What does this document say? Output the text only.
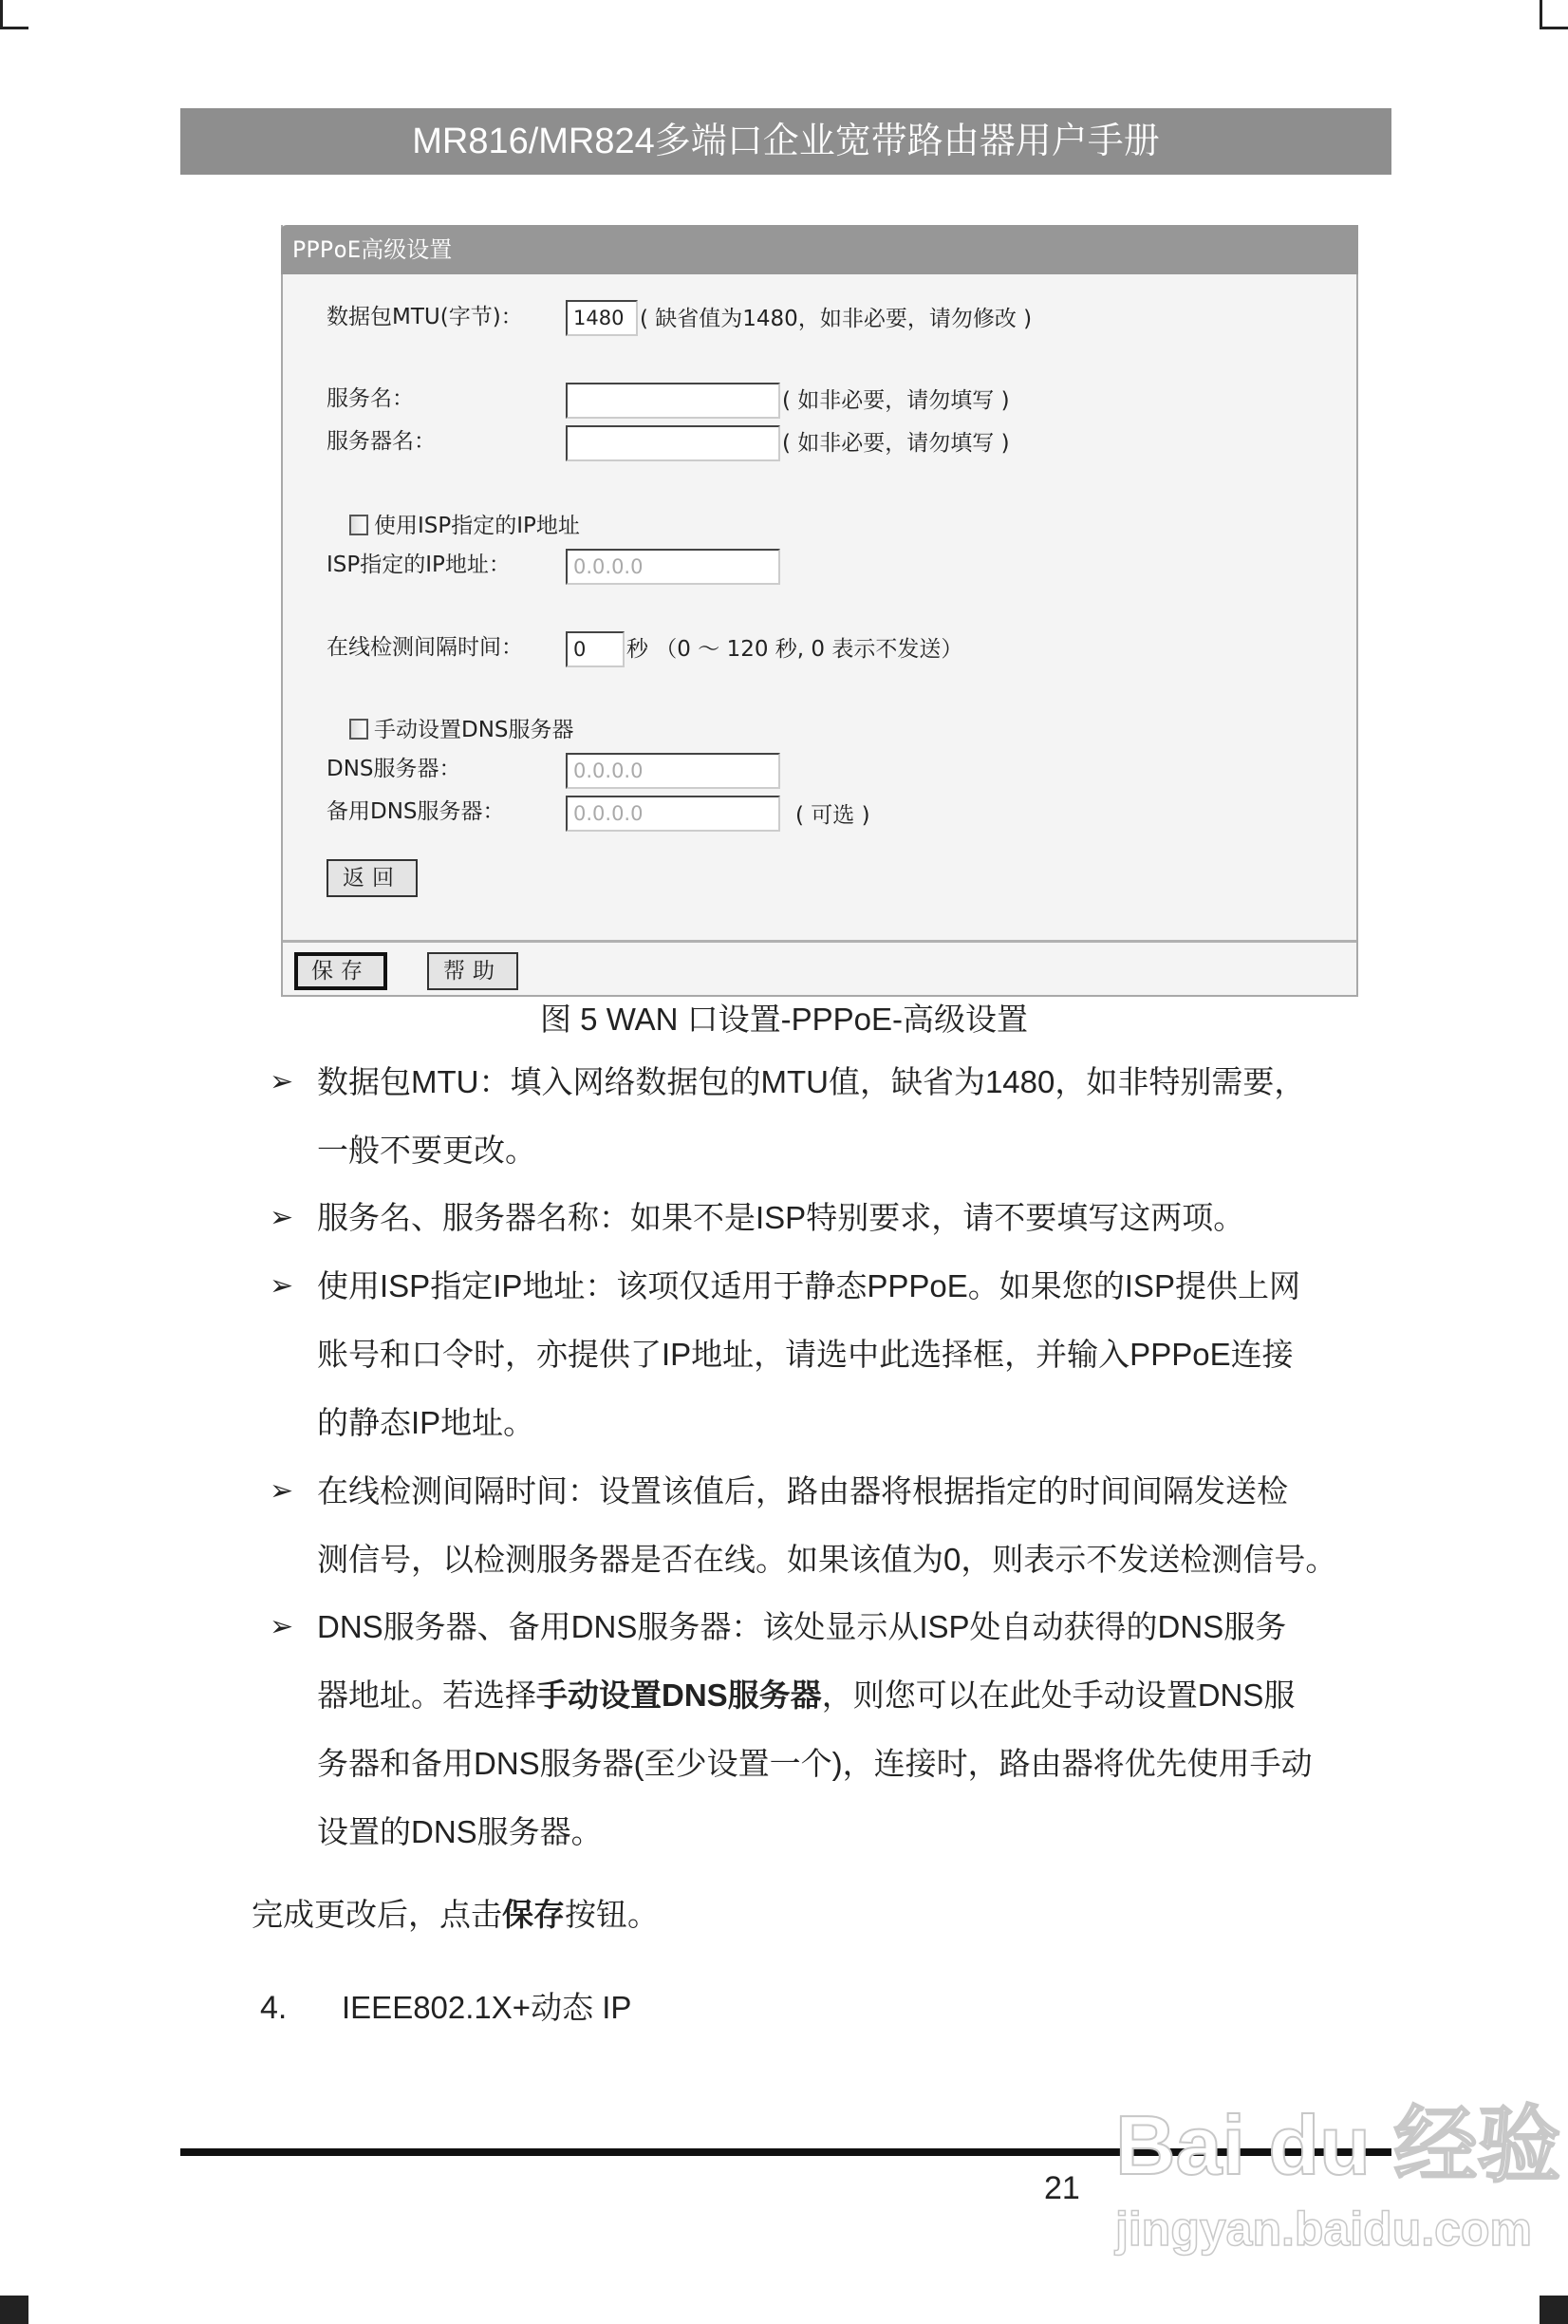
MR816/MR824多端口企业宽带路由器用户手册
PPPoE高级设置
数据包MTU(字节)：	1480 ( 缺省值为1480，如非必要，请勿修改 )
服务名：	( 如非必要，请勿填写 )
服务器名：	( 如非必要，请勿填写 )
使用ISP指定的IP地址
ISP指定的IP地址：	0.0.0.0
在线检测间隔时间：	0	秒 （0 ～ 120 秒, 0 表示不发送）
手动设置DNS服务器
DNS服务器：	0.0.0.0
备用DNS服务器：	0.0.0.0	( 可选 )
返回
保存	帮助
图 5 WAN 口设置-PPPoE-高级设置
➢ 数据包MTU：填入网络数据包的MTU值，缺省为1480，如非特别需要，
一般不要更改。
➢ 服务名、服务器名称：如果不是ISP特别要求，请不要填写这两项。
➢ 使用ISP指定IP地址：该项仅适用于静态PPPoE。如果您的ISP提供上网
账号和口令时，亦提供了IP地址，请选中此选择框，并输入PPPoE连接
的静态IP地址。
➢ 在线检测间隔时间：设置该值后，路由器将根据指定的时间间隔发送检
测信号，以检测服务器是否在线。如果该值为0，则表示不发送检测信号。
➢ DNS服务器、备用DNS服务器：该处显示从ISP处自动获得的DNS服务
器地址。若选择手动设置DNS服务器，则您可以在此处手动设置DNS服
务器和备用DNS服务器(至少设置一个)，连接时，路由器将优先使用手动
设置的DNS服务器。
完成更改后，点击保存按钮。
4. IEEE802.1X+动态 IP
Bai du 经验
jingyan.baidu.com
21
